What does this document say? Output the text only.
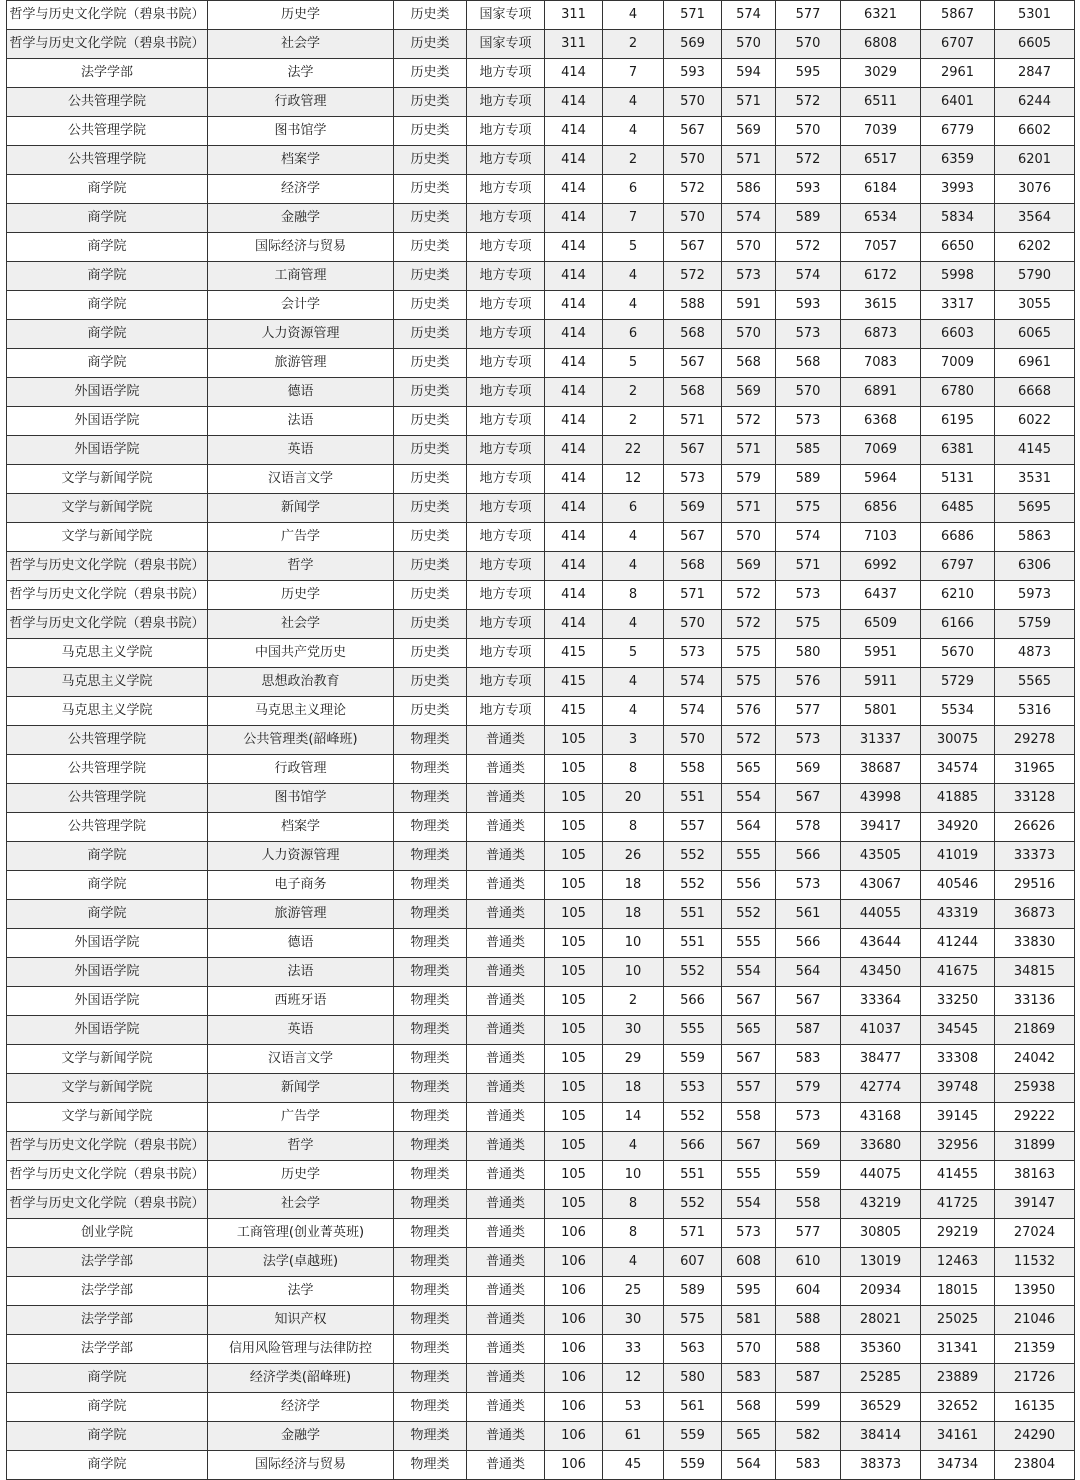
哲学与历史文化学院（碧泉书院）	历史学	历史类	国家专项	311	4	571	574	577	6321	5867	5301
哲学与历史文化学院（碧泉书院）	社会学	历史类	国家专项	311	2	569	570	570	6808	6707	6605
法学学部	法学	历史类	地方专项	414	7	593	594	595	3029	2961	2847
公共管理学院	行政管理	历史类	地方专项	414	4	570	571	572	6511	6401	6244
公共管理学院	图书馆学	历史类	地方专项	414	4	567	569	570	7039	6779	6602
公共管理学院	档案学	历史类	地方专项	414	2	570	571	572	6517	6359	6201
商学院	经济学	历史类	地方专项	414	6	572	586	593	6184	3993	3076
商学院	金融学	历史类	地方专项	414	7	570	574	589	6534	5834	3564
商学院	国际经济与贸易	历史类	地方专项	414	5	567	570	572	7057	6650	6202
商学院	工商管理	历史类	地方专项	414	4	572	573	574	6172	5998	5790
商学院	会计学	历史类	地方专项	414	4	588	591	593	3615	3317	3055
商学院	人力资源管理	历史类	地方专项	414	6	568	570	573	6873	6603	6065
商学院	旅游管理	历史类	地方专项	414	5	567	568	568	7083	7009	6961
外国语学院	德语	历史类	地方专项	414	2	568	569	570	6891	6780	6668
外国语学院	法语	历史类	地方专项	414	2	571	572	573	6368	6195	6022
外国语学院	英语	历史类	地方专项	414	22	567	571	585	7069	6381	4145
文学与新闻学院	汉语言文学	历史类	地方专项	414	12	573	579	589	5964	5131	3531
文学与新闻学院	新闻学	历史类	地方专项	414	6	569	571	575	6856	6485	5695
文学与新闻学院	广告学	历史类	地方专项	414	4	567	570	574	7103	6686	5863
哲学与历史文化学院（碧泉书院）	哲学	历史类	地方专项	414	4	568	569	571	6992	6797	6306
哲学与历史文化学院（碧泉书院）	历史学	历史类	地方专项	414	8	571	572	573	6437	6210	5973
哲学与历史文化学院（碧泉书院）	社会学	历史类	地方专项	414	4	570	572	575	6509	6166	5759
马克思主义学院	中国共产党历史	历史类	地方专项	415	5	573	575	580	5951	5670	4873
马克思主义学院	思想政治教育	历史类	地方专项	415	4	574	575	576	5911	5729	5565
马克思主义学院	马克思主义理论	历史类	地方专项	415	4	574	576	577	5801	5534	5316
公共管理学院	公共管理类(韶峰班)	物理类	普通类	105	3	570	572	573	31337	30075	29278
公共管理学院	行政管理	物理类	普通类	105	8	558	565	569	38687	34574	31965
公共管理学院	图书馆学	物理类	普通类	105	20	551	554	567	43998	41885	33128
公共管理学院	档案学	物理类	普通类	105	8	557	564	578	39417	34920	26626
商学院	人力资源管理	物理类	普通类	105	26	552	555	566	43505	41019	33373
商学院	电子商务	物理类	普通类	105	18	552	556	573	43067	40546	29516
商学院	旅游管理	物理类	普通类	105	18	551	552	561	44055	43319	36873
外国语学院	德语	物理类	普通类	105	10	551	555	566	43644	41244	33830
外国语学院	法语	物理类	普通类	105	10	552	554	564	43450	41675	34815
外国语学院	西班牙语	物理类	普通类	105	2	566	567	567	33364	33250	33136
外国语学院	英语	物理类	普通类	105	30	555	565	587	41037	34545	21869
文学与新闻学院	汉语言文学	物理类	普通类	105	29	559	567	583	38477	33308	24042
文学与新闻学院	新闻学	物理类	普通类	105	18	553	557	579	42774	39748	25938
文学与新闻学院	广告学	物理类	普通类	105	14	552	558	573	43168	39145	29222
哲学与历史文化学院（碧泉书院）	哲学	物理类	普通类	105	4	566	567	569	33680	32956	31899
哲学与历史文化学院（碧泉书院）	历史学	物理类	普通类	105	10	551	555	559	44075	41455	38163
哲学与历史文化学院（碧泉书院）	社会学	物理类	普通类	105	8	552	554	558	43219	41725	39147
创业学院	工商管理(创业菁英班)	物理类	普通类	106	8	571	573	577	30805	29219	27024
法学学部	法学(卓越班)	物理类	普通类	106	4	607	608	610	13019	12463	11532
法学学部	法学	物理类	普通类	106	25	589	595	604	20934	18015	13950
法学学部	知识产权	物理类	普通类	106	30	575	581	588	28021	25025	21046
法学学部	信用风险管理与法律防控	物理类	普通类	106	33	563	570	588	35360	31341	21359
商学院	经济学类(韶峰班)	物理类	普通类	106	12	580	583	587	25285	23889	21726
商学院	经济学	物理类	普通类	106	53	561	568	599	36529	32652	16135
商学院	金融学	物理类	普通类	106	61	559	565	582	38414	34161	24290
商学院	国际经济与贸易	物理类	普通类	106	45	559	564	583	38373	34734	23804
